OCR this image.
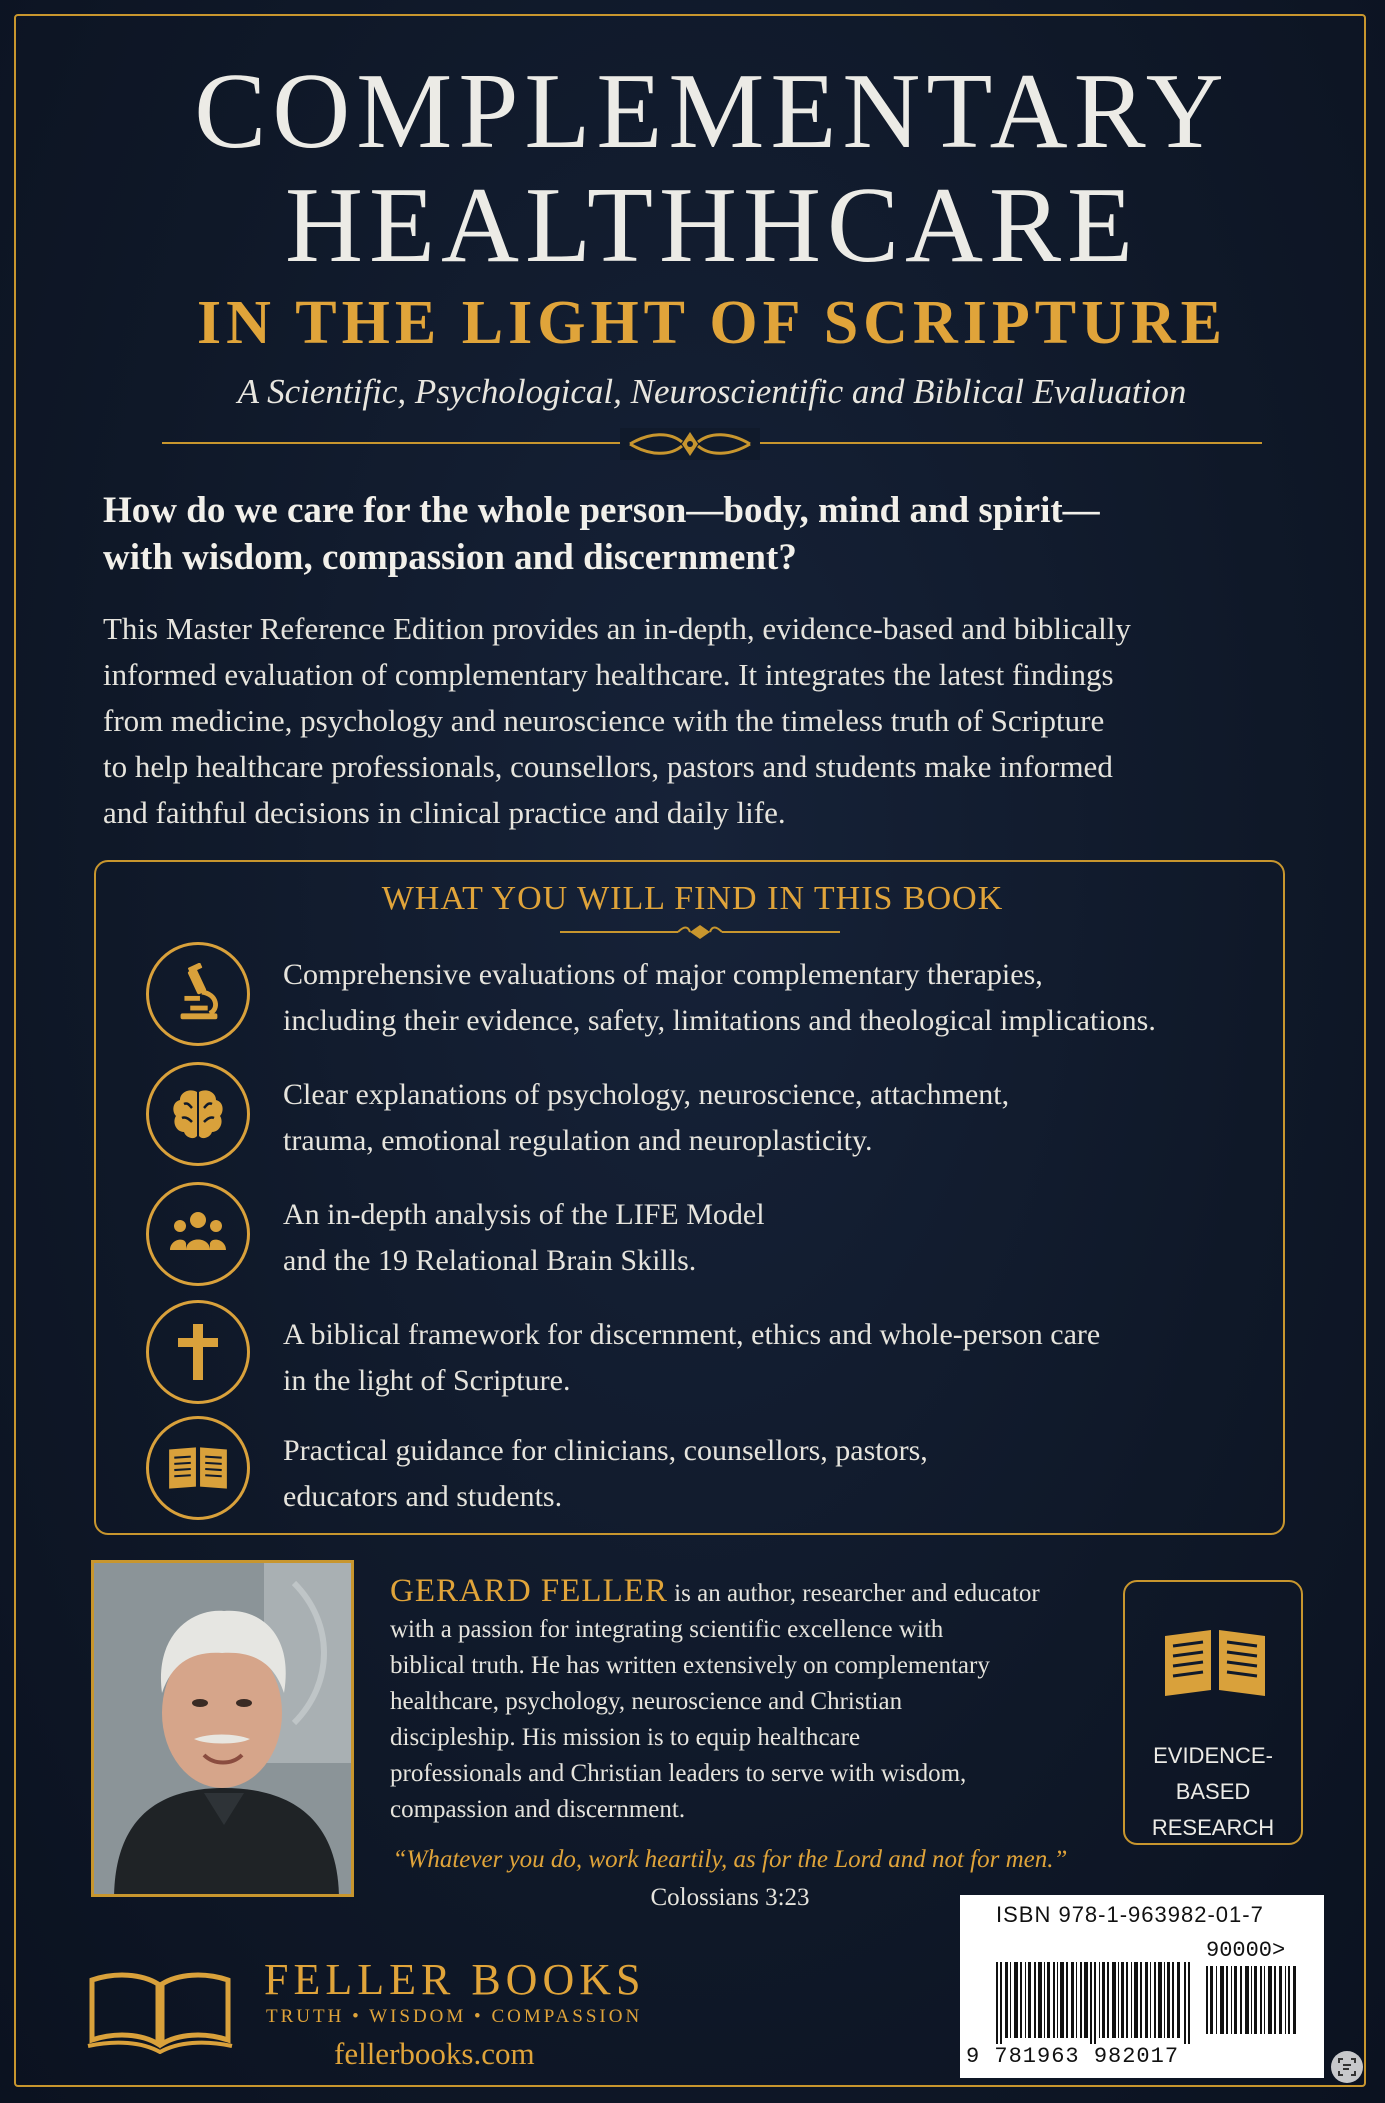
COMPLEMENTARY
HEALTHHCARE
IN THE LIGHT OF SCRIPTURE
A Scientific, Psychological, Neuroscientific and Biblical Evaluation
How do we care for the whole person—body, mind and spirit—
with wisdom, compassion and discernment?
This Master Reference Edition provides an in-depth, evidence-based and biblically
informed evaluation of complementary healthcare. It integrates the latest findings
from medicine, psychology and neuroscience with the timeless truth of Scripture
to help healthcare professionals, counsellors, pastors and students make informed
and faithful decisions in clinical practice and daily life.
WHAT YOU WILL FIND IN THIS BOOK
Comprehensive evaluations of major complementary therapies,
including their evidence, safety, limitations and theological implications.
Clear explanations of psychology, neuroscience, attachment,
trauma, emotional regulation and neuroplasticity.
An in-depth analysis of the LIFE Model
and the 19 Relational Brain Skills.
A biblical framework for discernment, ethics and whole-person care
in the light of Scripture.
Practical guidance for clinicians, counsellors, pastors,
educators and students.
GERARD FELLER is an author, researcher and educator
with a passion for integrating scientific excellence with
biblical truth. He has written extensively on complementary
healthcare, psychology, neuroscience and Christian
discipleship. His mission is to equip healthcare
professionals and Christian leaders to serve with wisdom,
compassion and discernment.
EVIDENCE-BASED
RESEARCH
“Whatever you do, work heartily, as for the Lord and not for men.”
Colossians 3:23
FELLER BOOKS
TRUTH • WISDOM • COMPASSION
fellerbooks.com
ISBN 978-1-963982-01-7
90000>
9 781963 982017
